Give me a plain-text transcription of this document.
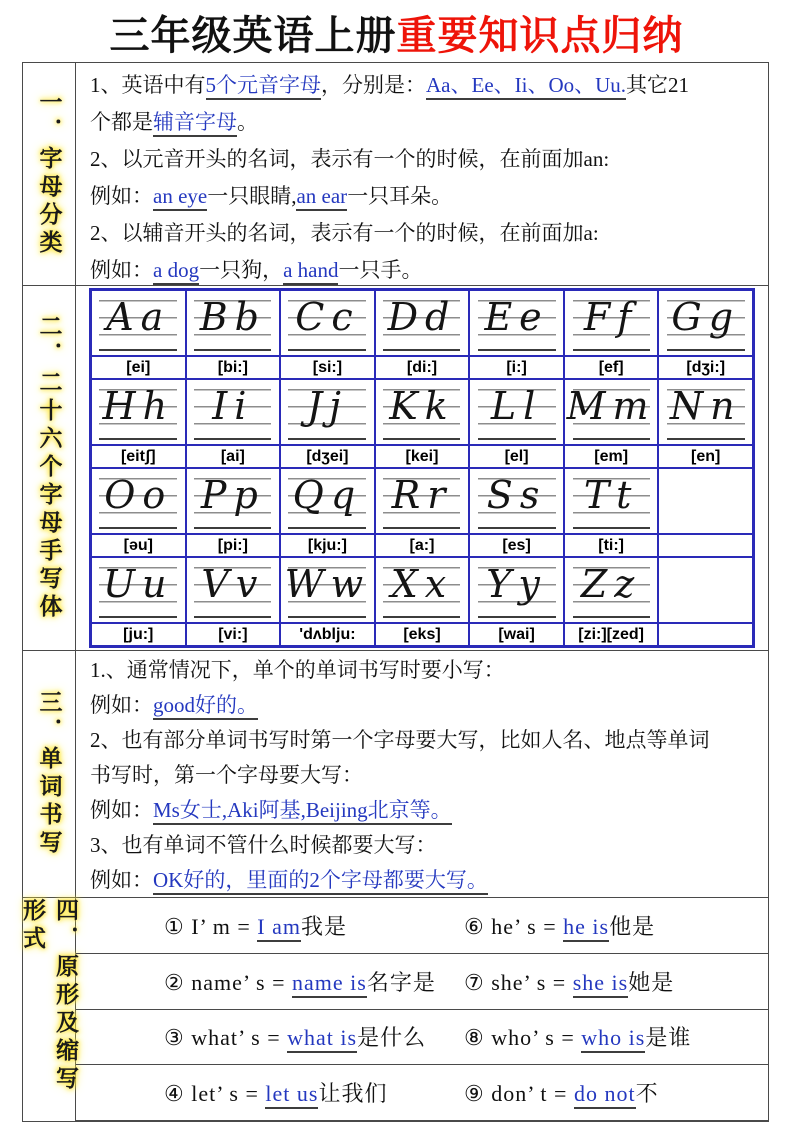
三年级英语上册重要知识点归纳
一．字母分类
1、英语中有5个元音字母，分别是：Aa、Ee、Ii、Oo、Uu.其它21
个都是辅音字母。
2、以元音开头的名词，表示有一个的时候，在前面加an:
例如：an eye一只眼睛,an ear一只耳朵。
2、以辅音开头的名词，表示有一个的时候，在前面加a:
例如：a dog一只狗，a hand一只手。
二．二十六个字母手写体 Aa Bb Cc Dd Ee Ff Gg
[ei]	[bi:]	[si:]	[di:]	[i:]	[ef]	[dʒi:]
Hh Ii Jj Kk Ll Mm Nn
[eitʃ]	[ai]	[dʒei]	[kei]	[el]	[em]	[en]
Oo Pp Qq Rr Ss Tt
[əu]	[pi:]	[kju:]	[a:]	[es]	[ti:]
Uu Vv Ww Xx Yy Zz
[ju:]	[vi:]	'dʌblju:	[eks]	[wai]	[zi:][zed]
三．单词书写
1.、通常情况下，单个的单词书写时要小写：
例如：good好的。
2、也有部分单词书写时第一个字母要大写，比如人名、地点等单词
书写时，第一个字母要大写：
例如：Ms女士,Aki阿基,Beijing北京等。
3、也有单词不管什么时候都要大写：
例如：OK好的，里面的2个字母都要大写。
四．原形及缩写形式	① I’ m = I am我是	⑥ he’ s = he is他是
② name’ s = name is名字是	⑦ she’ s = she is她是
③ what’ s = what is是什么	⑧ who’ s = who is是谁
④ let’ s = let us让我们	⑨ don’ t = do not不
